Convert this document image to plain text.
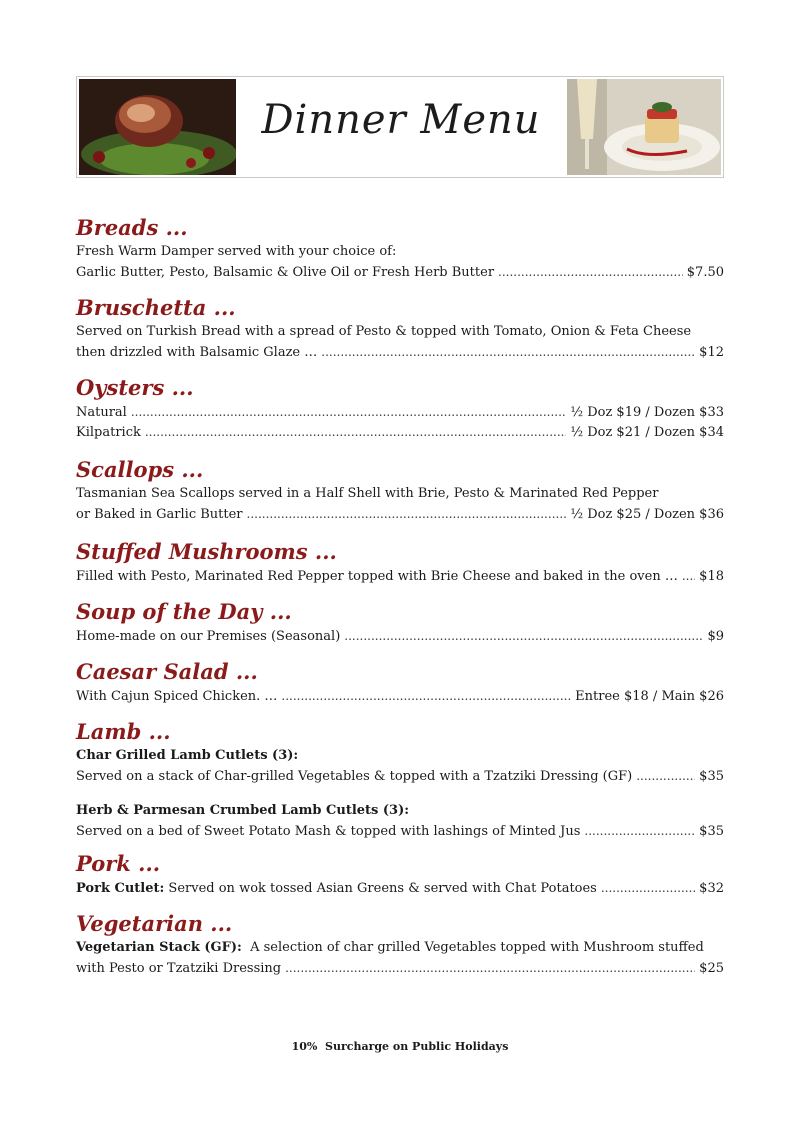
Dinner Menu
Breads ...
Fresh Warm Damper served with your choice of:
Garlic Butter, Pesto, Balsamic & Olive Oil or Fresh Herb Butter .....	$7.50
Bruschetta ...
Served on Turkish Bread with a spread of Pesto & topped with Tomato, Onion & Feta Cheese
then drizzled with Balsamic Glaze … .....	$12
Oysters ...
Natural .....	½ Doz $19 / Dozen $33
Kilpatrick .....	½ Doz $21 / Dozen $34
Scallops ...
Tasmanian Sea Scallops served in a Half Shell with Brie, Pesto & Marinated Red Pepper
or Baked in Garlic Butter .....	½ Doz $25 / Dozen $36
Stuffed Mushrooms ...
Filled with Pesto, Marinated Red Pepper topped with Brie Cheese and baked in the oven … ..... $18
Soup of the Day ...
Home-made on our Premises (Seasonal) .....	$9
Caesar Salad ...
With Cajun Spiced Chicken. … .....	Entree $18 / Main $26
Lamb ...
Char Grilled Lamb Cutlets (3):
Served on a stack of Char-grilled Vegetables & topped with a Tzatziki Dressing (GF) .....	$35
Herb & Parmesan Crumbed Lamb Cutlets (3):
Served on a bed of Sweet Potato Mash & topped with lashings of Minted Jus .....	$35
Pork ...
Pork Cutlet: Served on wok tossed Asian Greens & served with Chat Potatoes .....	$32
Vegetarian ...
Vegetarian Stack (GF):  A selection of char grilled Vegetables topped with Mushroom stuffed
with Pesto or Tzatziki Dressing .....	$25
10%  Surcharge on Public Holidays
